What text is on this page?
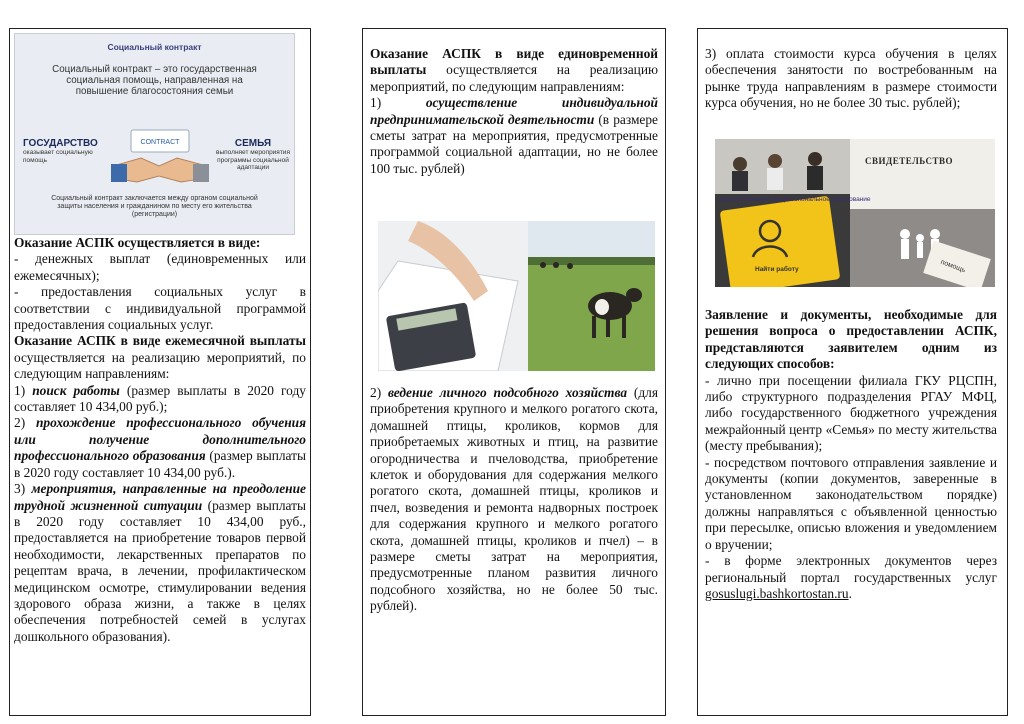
Социальный контракт
Социальный контракт – это государственная социальная помощь, направленная на повышение благосостояния семьи
ГОСУДАРСТВО
оказывает социальную помощь
CONTRACT	СЕМЬЯ
выполняет мероприятия программы социальной адаптации
Социальный контракт заключается между органом социальной защиты населения и гражданином по месту его жительства (регистрации)

Оказание АСПК осуществляется в виде:

- денежных выплат (единовременных или ежемесячных);

- предоставления социальных услуг в соответствии с индивидуальной программой предоставления социальных услуг.

Оказание АСПК в виде ежемесячной выплаты осуществляется на реализацию мероприятий, по следующим направлениям:

1) поиск работы (размер выплаты в 2020 году составляет 10 434,00 руб.);

2) прохождение профессионального обучения или получение дополнительного профессионального образования (размер выплаты в 2020 году составляет 10 434,00 руб.).

3) мероприятия, направленные на преодоление трудной жизненной ситуации (размер выплаты в 2020 году составляет 10 434,00 руб., предоставляется на приобретение товаров первой необходимости, лекарственных препаратов по рецептам врача, в лечении, профилактическом медицинском осмотре, стимулировании ведения здорового образа жизни, а также в целях обеспечения потребностей семей в услугах дошкольного образования).

Оказание АСПК в виде единовременной выплаты осуществляется на реализацию мероприятий, по следующим направлениям:

1) осуществление индивидуальной предпринимательской деятельности (в размере сметы затрат на мероприятия, предусмотренные программой социальной адаптации, но не более 100 тыс. рублей)

2) ведение личного подсобного хозяйства (для приобретения крупного и мелкого рогатого скота, домашней птицы, кроликов, кормов для приобретаемых животных и птиц, на развитие огородничества и пчеловодства, приобретение клеток и оборудования для содержания мелкого рогатого скота, домашней птицы, кроликов и пчел, возведения и ремонта надворных построек для содержания крупного и мелкого рогатого скота, домашней птицы, кроликов и пчел) – в размере сметы затрат на мероприятия, предусмотренные планом развития личного подсобного хозяйства, но не более 50 тыс. рублей).

3) оплата стоимости курса обучения в целях обеспечения занятости по востребованным на рынке труда направлениям в размере стоимости курса обучения, но не более 30 тыс. рублей);

СВИДЕТЕЛЬСТВО
Дополнительное профессиональное образование
Найти работу	помощь

Заявление и документы, необходимые для решения вопроса о предоставлении АСПК, представляются заявителем одним из следующих способов:

- лично при посещении филиала ГКУ РЦСПН, либо структурного подразделения РГАУ МФЦ, либо государственного бюджетного учреждения межрайонный центр «Семья» по месту жительства (месту пребывания);

- посредством почтового отправления заявление и документы (копии документов, заверенные в установленном законодательством порядке) должны направляться с объявленной ценностью при пересылке, описью вложения и уведомлением о вручении;

- в форме электронных документов через региональный портал государственных услуг gosuslugi.bashkortostan.ru.
